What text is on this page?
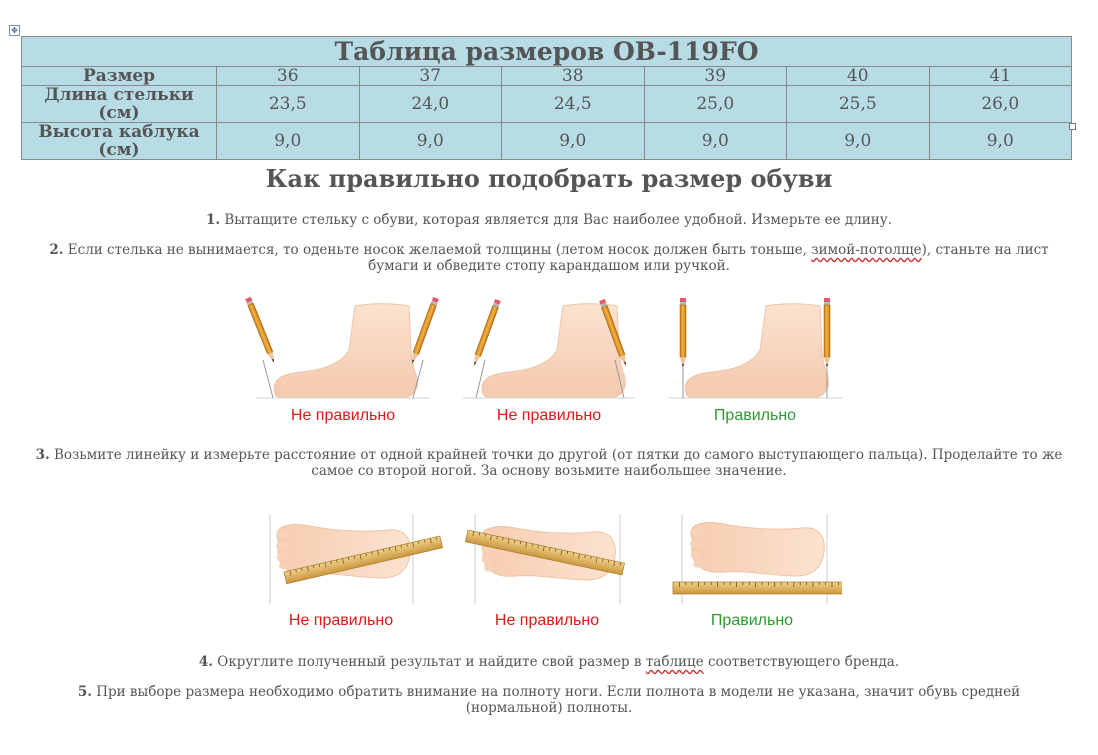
✥
Таблица размеров OB-119FO						
Размер	36	37	38	39	40	41
Длина стельки (см)	23,5	24,0	24,5	25,0	25,5	26,0
Высота каблука (см)	9,0	9,0	9,0	9,0	9,0	9,0
Как правильно подобрать размер обуви

1. Вытащите стельку с обуви, которая является для Вас наиболее удобной. Измерьте ее длину.

2. Если стелька не вынимается, то оденьте носок желаемой толщины (летом носок должен быть тоньше, зимой-потолще), станьте на лист бумаги и обведите стопу карандашом или ручкой.

Не правильно	Не правильно	Правильно

3. Возьмите линейку и измерьте расстояние от одной крайней точки до другой (от пятки до самого выступающего пальца). Проделайте то же самое со второй ногой. За основу возьмите наибольшее значение.

Не правильно	Не правильно	Правильно

4. Округлите полученный результат и найдите свой размер в таблице соответствующего бренда.

5. При выборе размера необходимо обратить внимание на полноту ноги. Если полнота в модели не указана, значит обувь средней (нормальной) полноты.
